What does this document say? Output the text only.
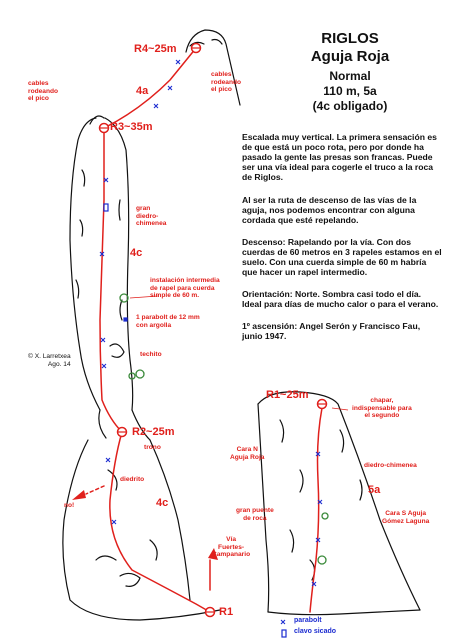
RIGLOS
Aguja Roja
Normal
110 m, 5a
(4c obligado)
Escalada muy vertical. La primera sensación es de que está un poco rota, pero por donde ha pasado la gente las presas son francas. Puede ser una vía ideal para cogerle el truco a la roca de Riglos.
Al ser la ruta de descenso de las vías de la aguja, nos podemos encontrar con alguna cordada que esté repelando.
Descenso: Rapelando por la vía. Con dos cuerdas de 60 metros en 3 rapeles estamos en el suelo. Con una cuerda simple de 60 m habría que hacer un rapel intermedio.
Orientación: Norte. Sombra casi todo el día. Ideal para días de mucho calor o para el verano.
1º ascensión: Angel Serón y Francisco Fau, junio 1947.
R4~25m
R3~35m
R2~25m
R1
4a
4c
4c
cables
rodeando
el pico
cables
rodeando
el pico
gran
diedro-
chimenea
instalación intermedia
de rapel para cuerda
simple de 60 m.
1 parabolt de 12 mm
con argolla
techito
trono
diedrito
no!
Vía
Fuertes-
Campanario
© X. Larretxea
Ago. 14
R1~25m	chapar,
indispensable para
el segundo
Cara N
Aguja Roja
diedro-chimenea
5a
gran puente
de roca
Cara S Aguja
Gómez Laguna
parabolt
clavo sicado
